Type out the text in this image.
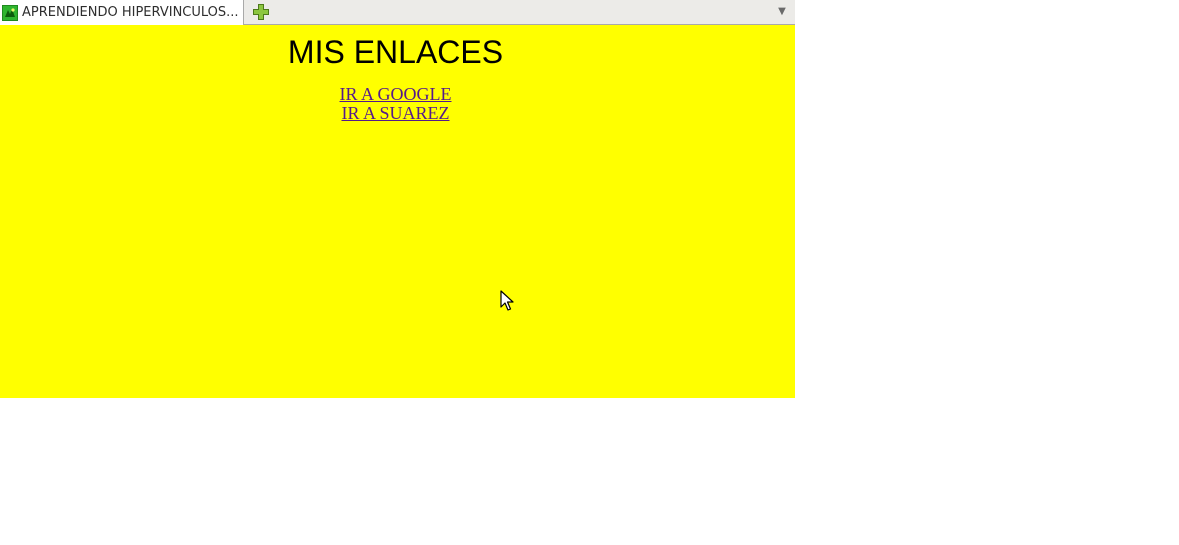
APRENDIENDO HIPERVINCULOS...	▼
MIS ENLACES
IR A GOOGLE
IR A SUAREZ
